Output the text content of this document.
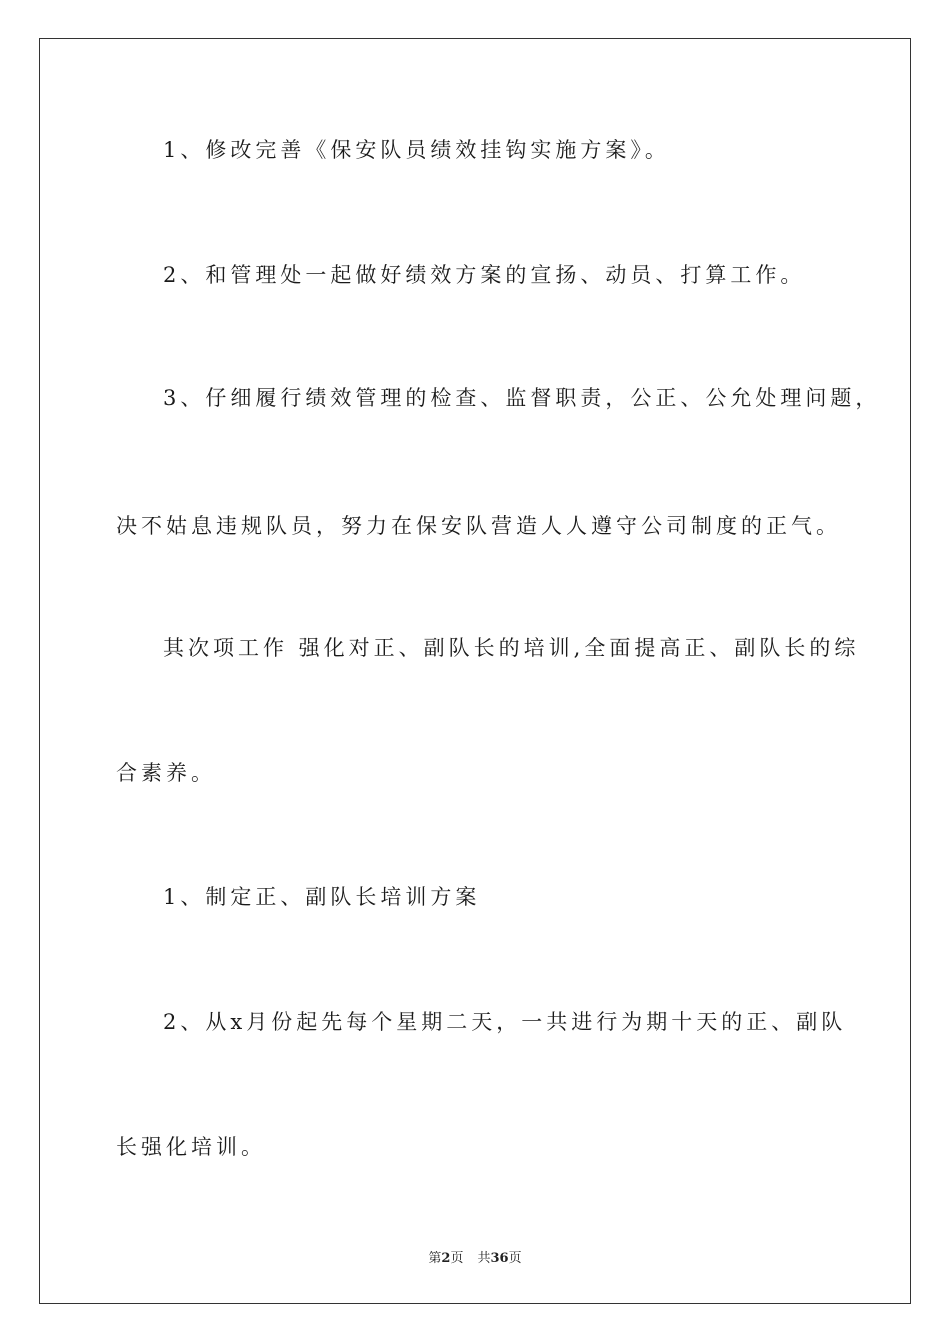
1、修改完善《保安队员绩效挂钩实施方案》。
2、和管理处一起做好绩效方案的宣扬、动员、打算工作。
3、仔细履行绩效管理的检查、监督职责，公正、公允处理问题，
决不姑息违规队员，努力在保安队营造人人遵守公司制度的正气。
其次项工作 强化对正、副队长的培训,全面提高正、副队长的综
合素养。
1、制定正、副队长培训方案
2、从x月份起先每个星期二天，一共进行为期十天的正、副队
长强化培训。
第2页 共36页
